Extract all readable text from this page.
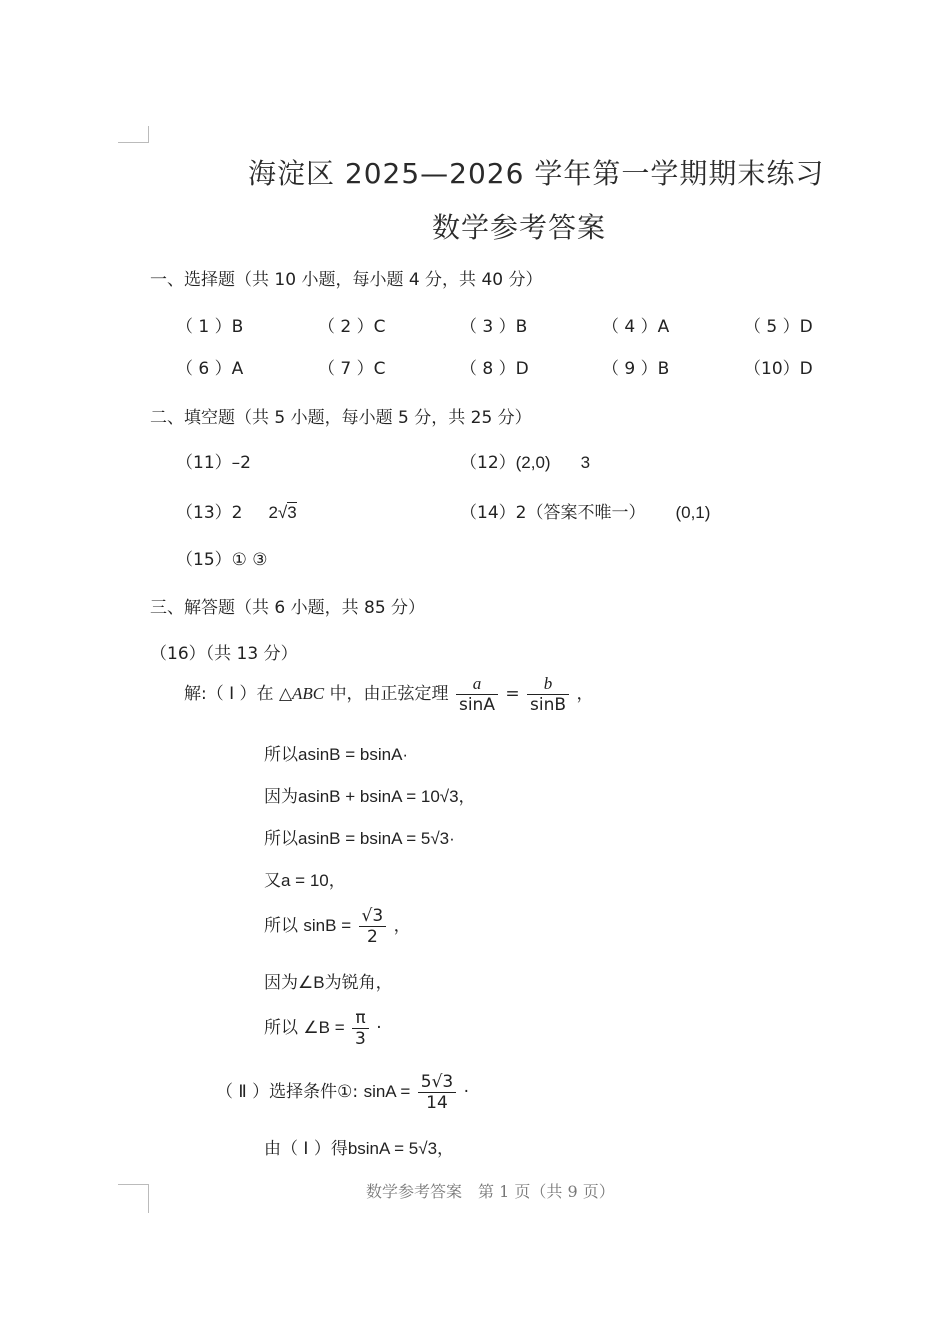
海淀区 2025—2026 学年第一学期期末练习
数学参考答案
一、选择题（共 10 小题，每小题 4 分，共 40 分）
（ 1 ）B	（ 2 ）C	（ 3 ）B	（ 4 ）A	（ 5 ）D
（ 6 ）A	（ 7 ）C	（ 8 ）D	（ 9 ）B	（10）D
二、填空题（共 5 小题，每小题 5 分，共 25 分）
（11）–2	（12）(2,0) 3
（13）2 2√3	（14）2（答案不唯一） (0,1)
（15）① ③
三、解答题（共 6 小题，共 85 分）
（16）（共 13 分）
解:（ Ⅰ ）在 △ABC 中，由正弦定理 $\frac{a}{\sin A} = \frac{b}{\sin B}$ ，
所以asinB = bsinA·
因为asinB + bsinA = 10√3，
所以asinB = bsinA = 5√3·
又a = 10，
所以 $\sin B = \frac{√3}{2}$ ，
因为∠B为锐角，
所以 ∠B = $\frac{\pi}{3}$ ·
（ Ⅱ ）选择条件①: $\sin A = \frac{5√3}{14}$ ·
由（ Ⅰ ）得bsinA = 5√3，
数学参考答案　第 1 页（共 9 页）
